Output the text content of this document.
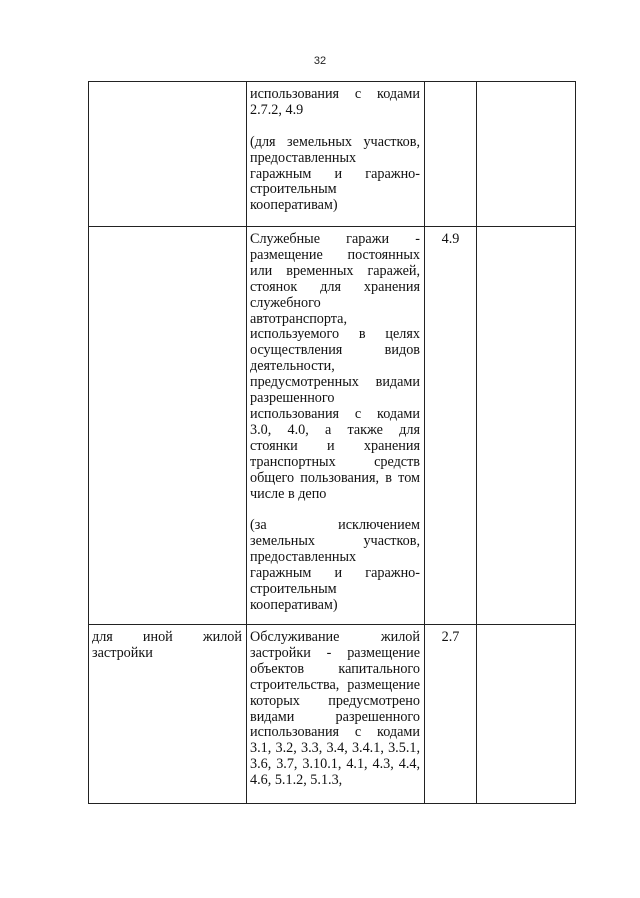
32

	использования с кодами 2.7.2, 4.9

(для земельных участков, предоставленных гаражным и гаражно-строительным кооперативам)		

	Служебные гаражи - размещение постоянных или временных гаражей, стоянок для хранения служебного автотранспорта, используемого в целях осуществления видов деятельности, предусмотренных видами разрешенного использования с кодами 3.0, 4.0, а также для стоянки и хранения транспортных средств общего пользования, в том числе в депо

(за исключением земельных участков, предоставленных гаражным и гаражно-строительным кооперативам)	4.9	

для иной жилой застройки	Обслуживание жилой застройки - размещение объектов капитального строительства, размещение которых предусмотрено видами разрешенного использования с кодами 3.1, 3.2, 3.3, 3.4, 3.4.1, 3.5.1, 3.6, 3.7, 3.10.1, 4.1, 4.3, 4.4, 4.6, 5.1.2, 5.1.3,	2.7	
